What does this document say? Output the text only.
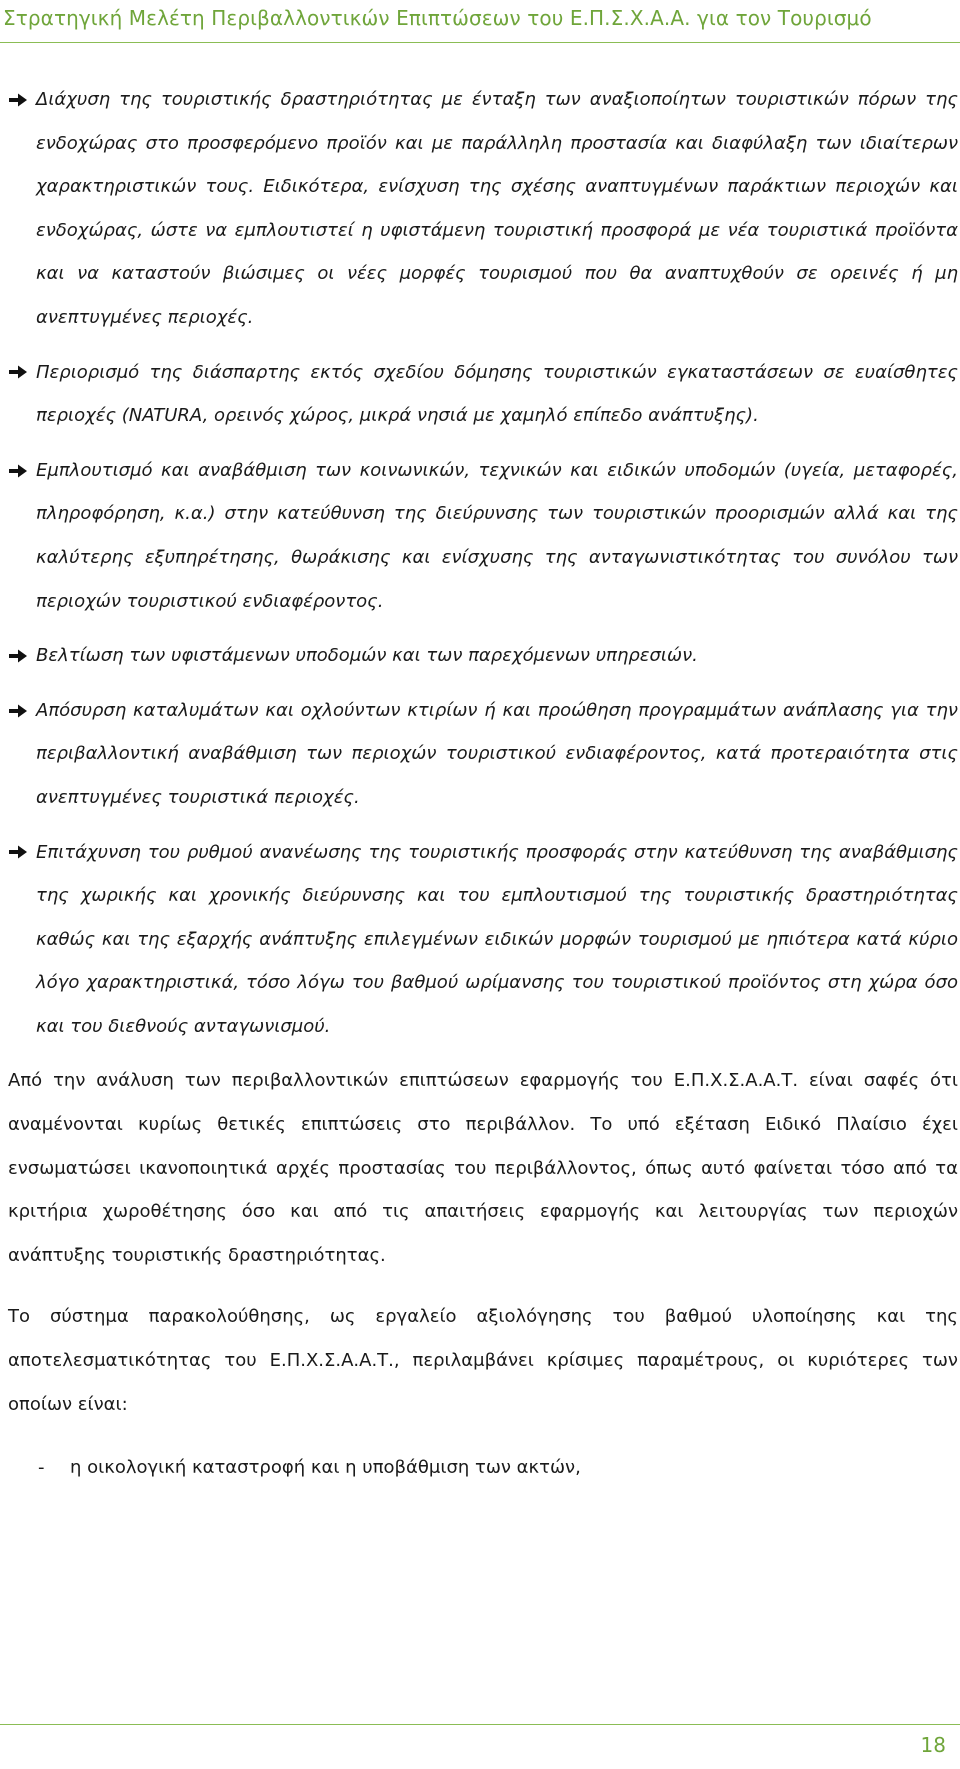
Στρατηγική Μελέτη Περιβαλλοντικών Επιπτώσεων του Ε.Π.Σ.Χ.Α.Α. για τον Τουρισμό
Διάχυση της τουριστικής δραστηριότητας με ένταξη των αναξιοποίητων τουριστικών πόρων της ενδοχώρας στο προσφερόμενο προϊόν και με παράλληλη προστασία και διαφύλαξη των ιδιαίτερων χαρακτηριστικών τους. Ειδικότερα, ενίσχυση της σχέσης αναπτυγμένων παράκτιων περιοχών και ενδοχώρας, ώστε να εμπλουτιστεί η υφιστάμενη τουριστική προσφορά με νέα τουριστικά προϊόντα και να καταστούν βιώσιμες οι νέες μορφές τουρισμού που θα αναπτυχθούν σε ορεινές ή μη ανεπτυγμένες περιοχές.
Περιορισμό της διάσπαρτης εκτός σχεδίου δόμησης τουριστικών εγκαταστάσεων σε ευαίσθητες περιοχές (NATURA, ορεινός χώρος, μικρά νησιά με χαμηλό επίπεδο ανάπτυξης).
Εμπλουτισμό και αναβάθμιση των κοινωνικών, τεχνικών και ειδικών υποδομών (υγεία, μεταφορές, πληροφόρηση, κ.α.) στην κατεύθυνση της διεύρυνσης των τουριστικών προορισμών αλλά και της καλύτερης εξυπηρέτησης, θωράκισης και ενίσχυσης της ανταγωνιστικότητας του συνόλου των περιοχών τουριστικού ενδιαφέροντος.
Βελτίωση των υφιστάμενων υποδομών και των παρεχόμενων υπηρεσιών.
Απόσυρση καταλυμάτων και οχλούντων κτιρίων ή και προώθηση προγραμμάτων ανάπλασης για την περιβαλλοντική αναβάθμιση των περιοχών τουριστικού ενδιαφέροντος, κατά προτεραιότητα στις ανεπτυγμένες τουριστικά περιοχές.
Επιτάχυνση του ρυθμού ανανέωσης της τουριστικής προσφοράς στην κατεύθυνση της αναβάθμισης της χωρικής και χρονικής διεύρυνσης και του εμπλουτισμού της τουριστικής δραστηριότητας καθώς και της εξαρχής ανάπτυξης επιλεγμένων ειδικών μορφών τουρισμού με ηπιότερα κατά κύριο λόγο χαρακτηριστικά, τόσο λόγω του βαθμού ωρίμανσης του τουριστικού προϊόντος στη χώρα όσο και του διεθνούς ανταγωνισμού.

Από την ανάλυση των περιβαλλοντικών επιπτώσεων εφαρμογής του Ε.Π.Χ.Σ.Α.Α.Τ. είναι σαφές ότι αναμένονται κυρίως θετικές επιπτώσεις στο περιβάλλον. Το υπό εξέταση Ειδικό Πλαίσιο έχει ενσωματώσει ικανοποιητικά αρχές προστασίας του περιβάλλοντος, όπως αυτό φαίνεται τόσο από τα κριτήρια χωροθέτησης όσο και από τις απαιτήσεις εφαρμογής και λειτουργίας των περιοχών ανάπτυξης τουριστικής δραστηριότητας.

Το σύστημα παρακολούθησης, ως εργαλείο αξιολόγησης του βαθμού υλοποίησης και της αποτελεσματικότητας του Ε.Π.Χ.Σ.Α.Α.Τ., περιλαμβάνει κρίσιμες παραμέτρους, οι κυριότερες των οποίων είναι:

- η οικολογική καταστροφή και η υποβάθμιση των ακτών,
18
